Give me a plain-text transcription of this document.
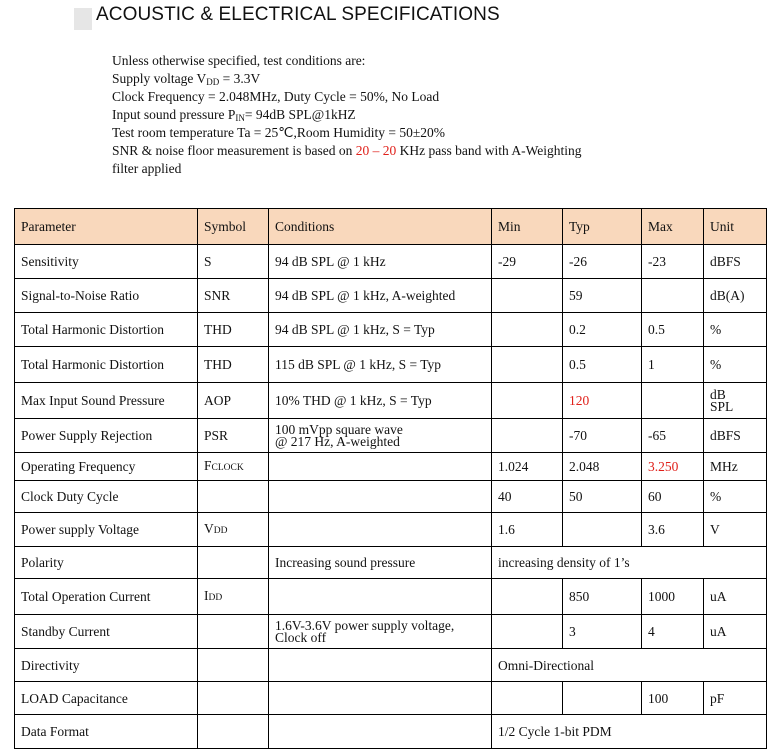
ACOUSTIC & ELECTRICAL SPECIFICATIONS
Unless otherwise specified, test conditions are:
Supply voltage $V_{DD} = 3.3V$
Clock Frequency = 2.048MHz, Duty Cycle = 50%, No Load
Input sound pressure $P_{IN}= 94dB$ SPL@1kHZ
Test room temperature Ta = 25℃,Room Humidity = 50±20%
SNR & noise floor measurement is based on 20 – 20 KHz pass band with A-Weighting
filter applied
Parameter	Symbol	Conditions	Min	Typ	Max	Unit
Sensitivity	S	94 dB SPL @ 1 kHz	-29	-26	-23	dBFS
Signal-to-Noise Ratio	SNR	94 dB SPL @ 1 kHz, A-weighted		59		dB(A)
Total Harmonic Distortion	THD	94 dB SPL @ 1 kHz, S = Typ		0.2	0.5	%
Total Harmonic Distortion	THD	115 dB SPL @ 1 kHz, S = Typ		0.5	1	%
Max Input Sound Pressure	AOP	10% THD @ 1 kHz, S = Typ		120		dB
SPL

Power Supply Rejection	PSR	100 mVpp square wave
@ 217 Hz, A-weighted		-70	-65	dBFS
Operating Frequency	FCLOCK		1.024	2.048	3.250	MHz
Clock Duty Cycle			40	50	60	%
Power supply Voltage	VDD		1.6		3.6	V
Polarity		Increasing sound pressure	increasing density of 1’s			
Total Operation Current	IDD			850	1000	uA
Standby Current		1.6V-3.6V power supply voltage,
Clock off		3	4	uA
Directivity			Omni-Directional			
LOAD Capacitance					100	pF
Data Format			1/2 Cycle 1-bit PDM			
